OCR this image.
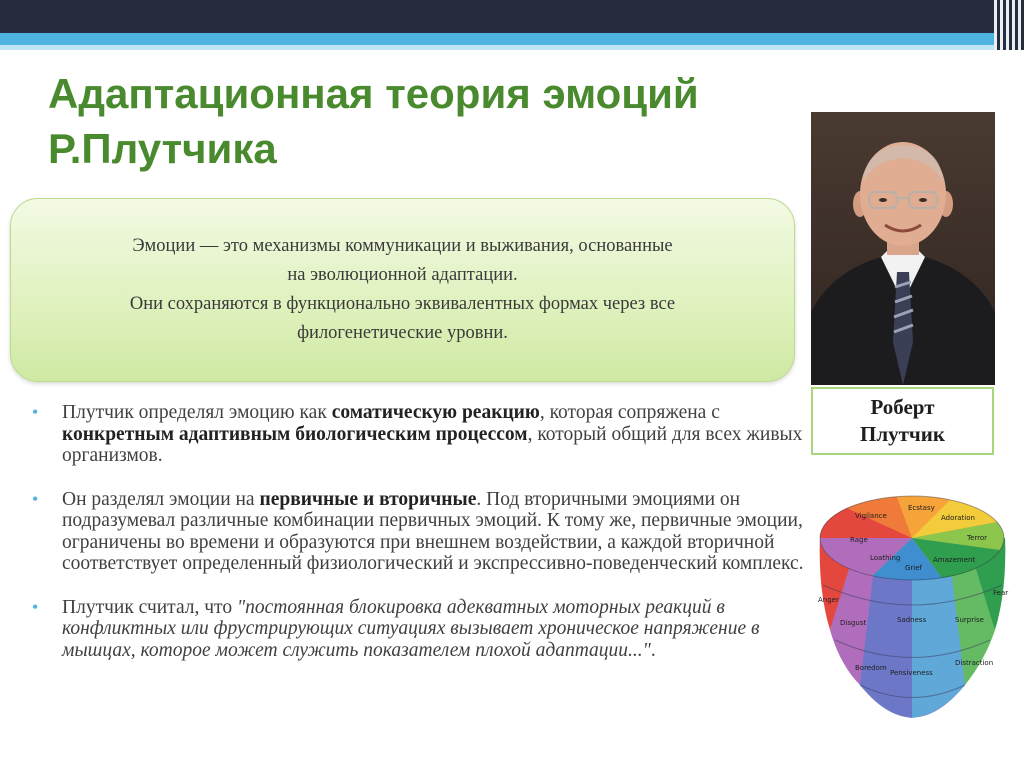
Адаптационная теория эмоций
Р.Плутчика
Эмоции — это механизмы коммуникации и выживания, основанные
на эволюционной адаптации.
Они сохраняются в функционально эквивалентных формах через все
филогенетические уровни.
• Плутчик определял эмоцию как соматическую реакцию, которая сопряжена с конкретным адаптивным биологическим процессом, который общий для всех живых организмов.
• Он разделял эмоции на первичные и вторичные. Под вторичными эмоциями он подразумевал различные комбинации первичных эмоций. К тому же, первичные эмоции, ограничены во времени и образуются при внешнем воздействии, а каждой вторичной соответствует определенный физиологический и экспрессивно-поведенческий комплекс.
• Плутчик считал, что "постоянная блокировка адекватных моторных реакций в конфликтных или фрустрирующих ситуациях вызывает хроническое напряжение в мышцах, которое может служить показателем плохой адаптации...".
Роберт
Плутчик
Vigilance
Ecstasy
Adoration
Terror
Amazement
Grief
Loathing
Rage
Anger
Disgust
Boredom
Sadness
Pensiveness
Surprise
Distraction
Fear
